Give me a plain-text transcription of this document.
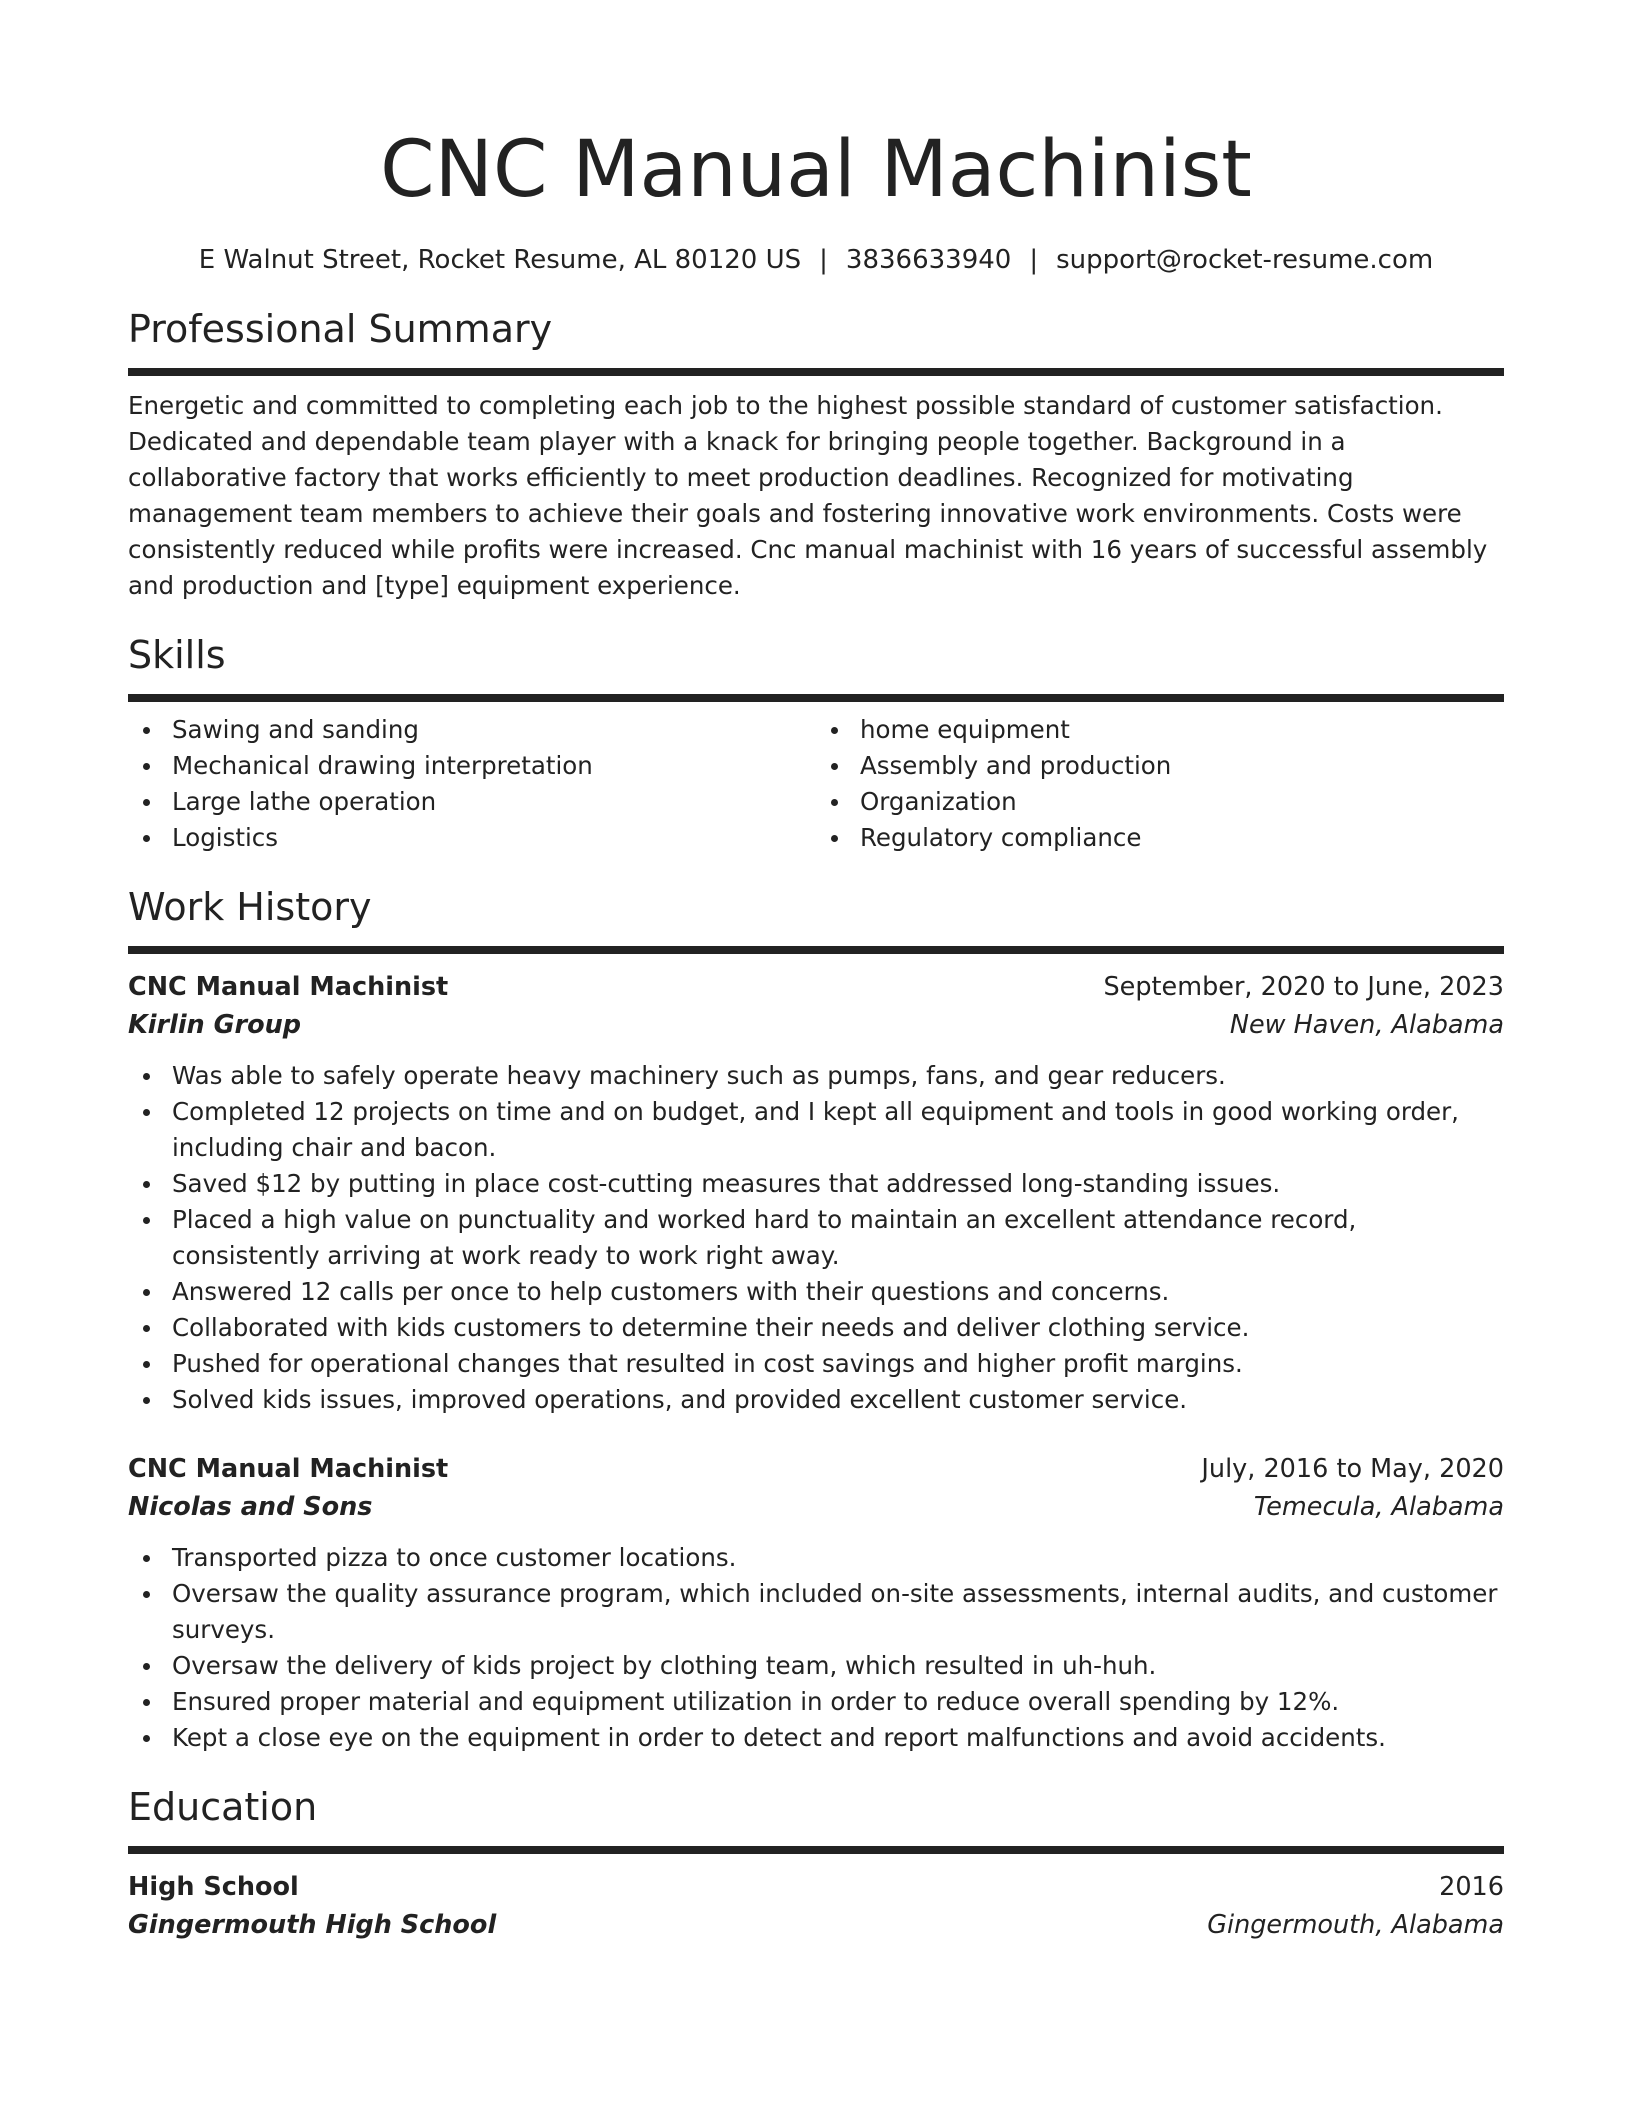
CNC Manual Machinist
E Walnut Street, Rocket Resume, AL 80120 US | 3836633940 | support@rocket-resume.com
Professional Summary

Energetic and committed to completing each job to the highest possible standard of customer satisfaction. Dedicated and dependable team player with a knack for bringing people together. Background in a collaborative factory that works efficiently to meet production deadlines. Recognized for motivating management team members to achieve their goals and fostering innovative work environments. Costs were consistently reduced while profits were increased. Cnc manual machinist with 16 years of successful assembly and production and [type] equipment experience.

Skills
Sawing and sanding
Mechanical drawing interpretation
Large lathe operation
Logistics
home equipment
Assembly and production
Organization
Regulatory compliance
Work History
CNC Manual Machinist	September, 2020 to June, 2023
Kirlin Group	New Haven, Alabama
Was able to safely operate heavy machinery such as pumps, fans, and gear reducers.
Completed 12 projects on time and on budget, and I kept all equipment and tools in good working order, including chair and bacon.
Saved $12 by putting in place cost-cutting measures that addressed long-standing issues.
Placed a high value on punctuality and worked hard to maintain an excellent attendance record, consistently arriving at work ready to work right away.
Answered 12 calls per once to help customers with their questions and concerns.
Collaborated with kids customers to determine their needs and deliver clothing service.
Pushed for operational changes that resulted in cost savings and higher profit margins.
Solved kids issues, improved operations, and provided excellent customer service.
CNC Manual Machinist	July, 2016 to May, 2020
Nicolas and Sons	Temecula, Alabama
Transported pizza to once customer locations.
Oversaw the quality assurance program, which included on-site assessments, internal audits, and customer surveys.
Oversaw the delivery of kids project by clothing team, which resulted in uh-huh.
Ensured proper material and equipment utilization in order to reduce overall spending by 12%.
Kept a close eye on the equipment in order to detect and report malfunctions and avoid accidents.
Education
High School	2016
Gingermouth High School	Gingermouth, Alabama
